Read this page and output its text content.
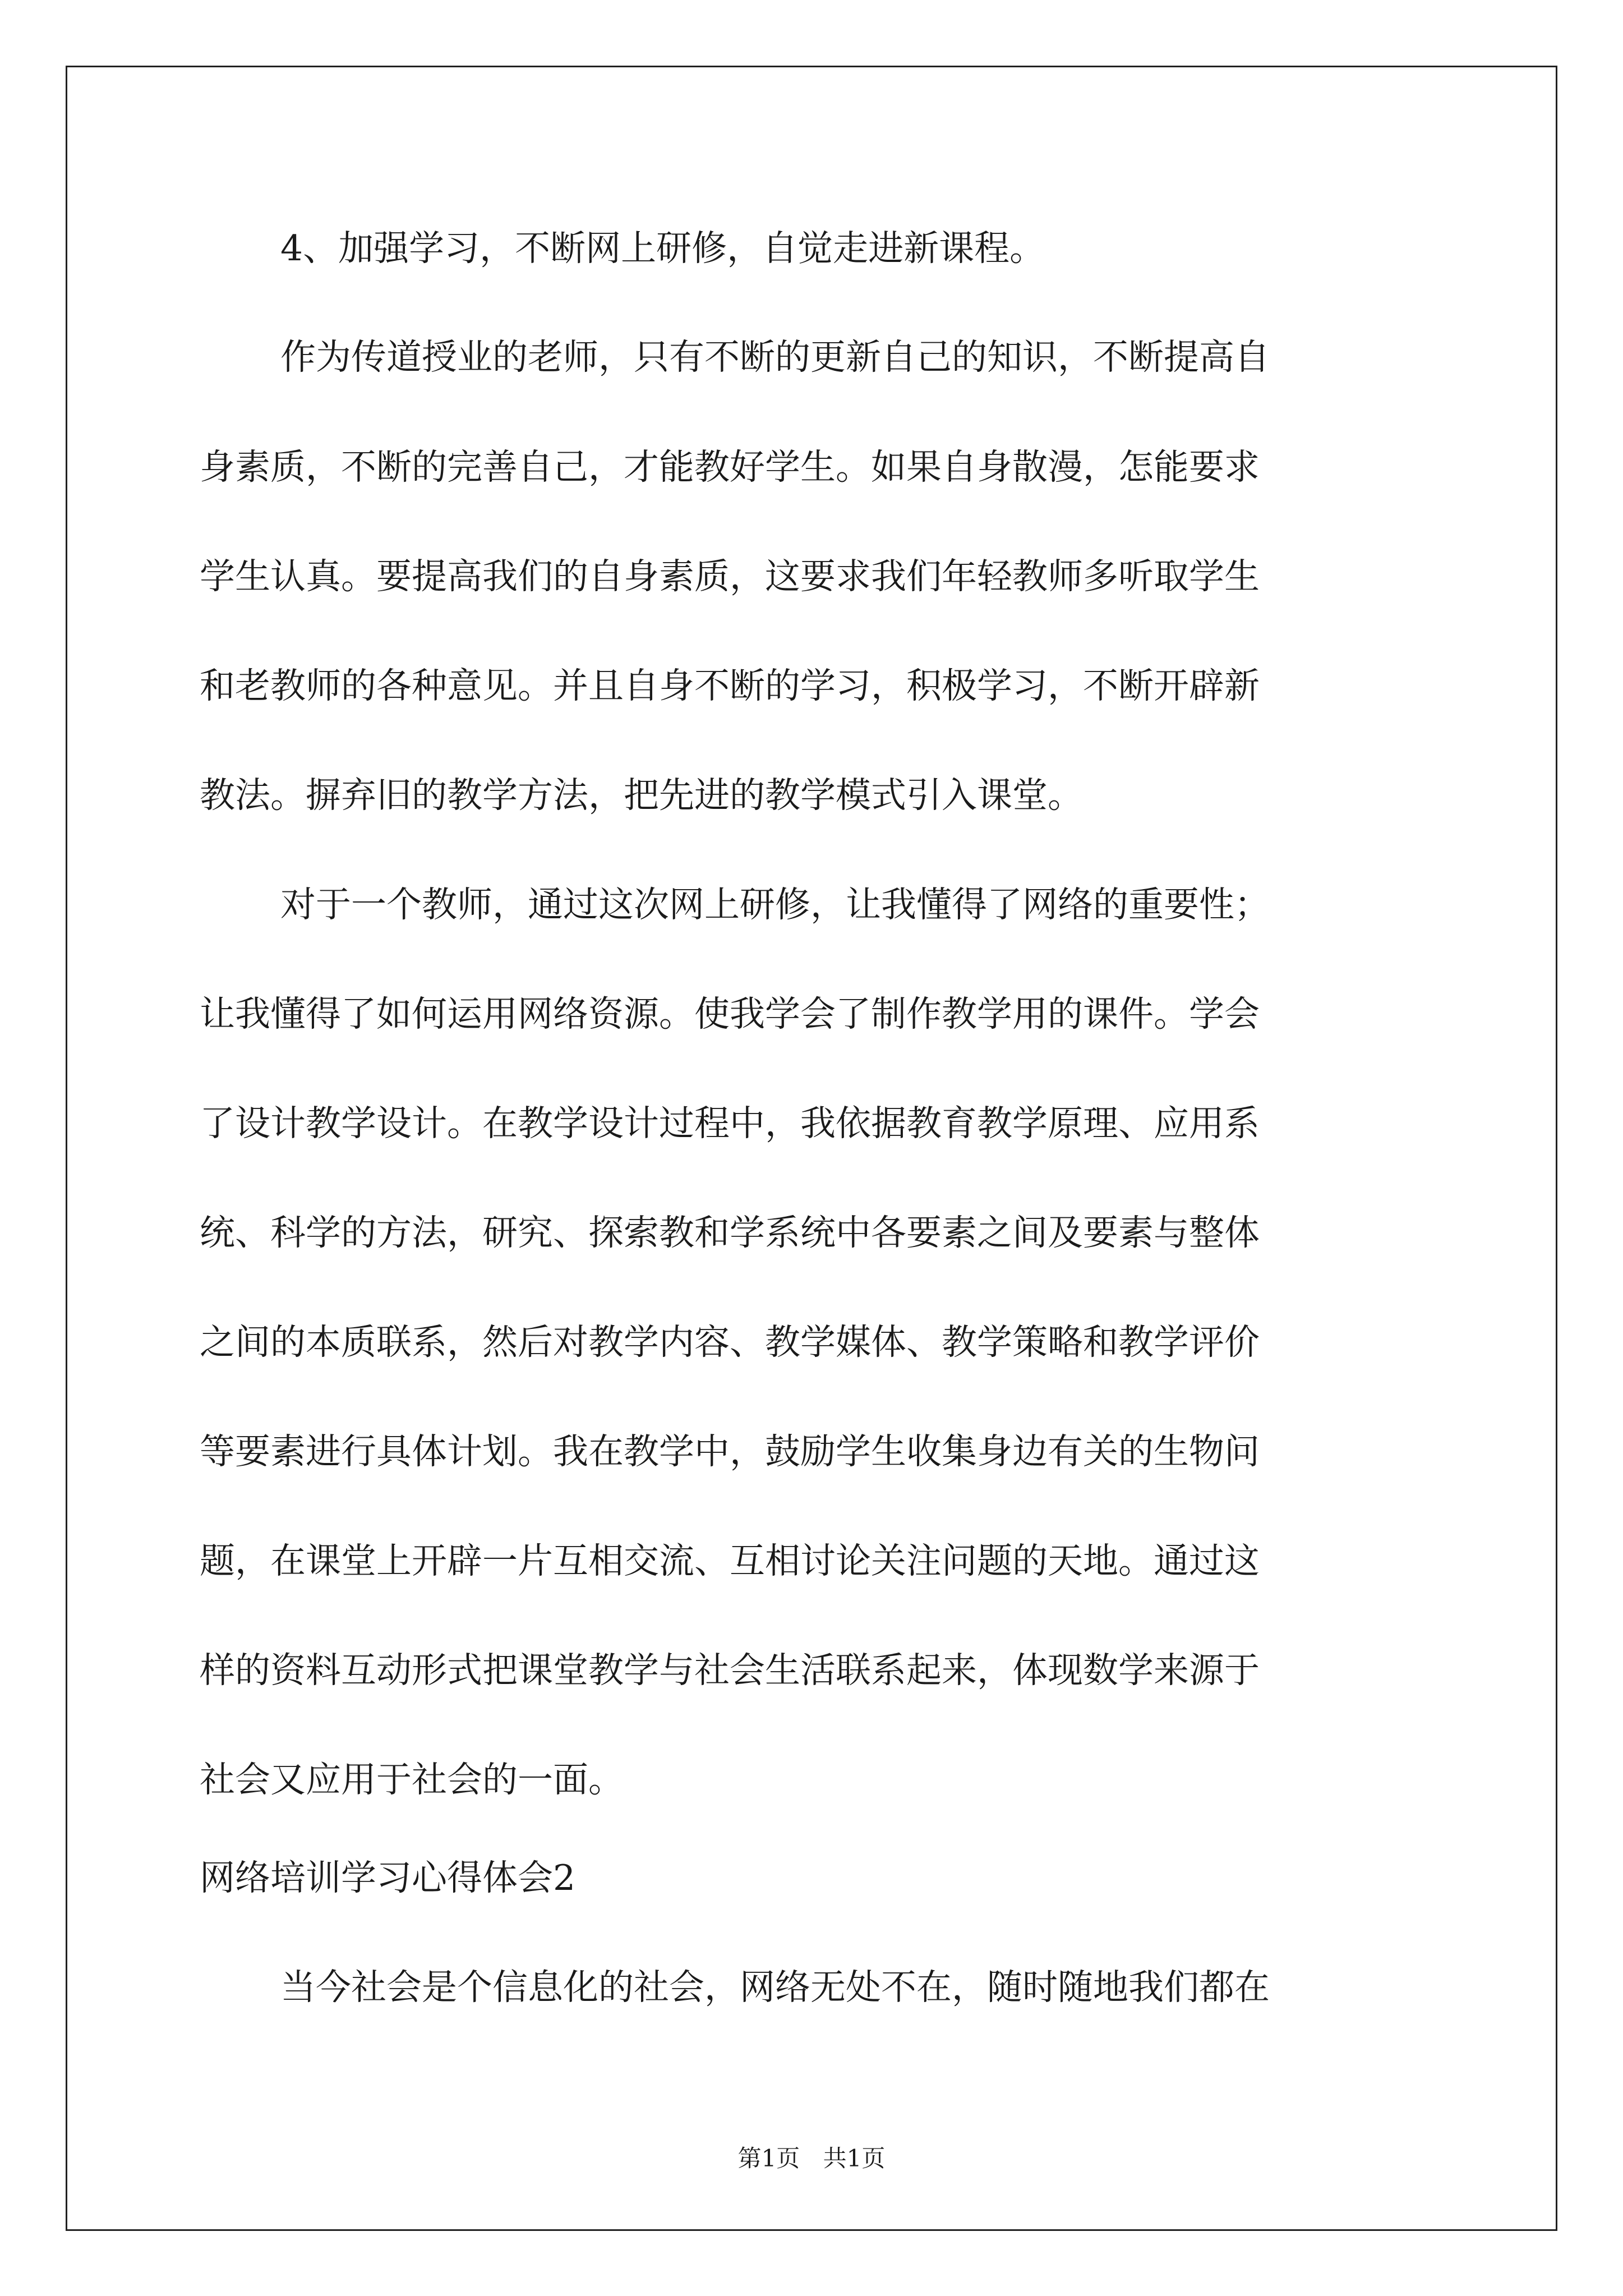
4、加强学习，不断网上研修，自觉走进新课程。
作为传道授业的老师，只有不断的更新自己的知识，不断提高自
身素质，不断的完善自己，才能教好学生。如果自身散漫，怎能要求
学生认真。要提高我们的自身素质，这要求我们年轻教师多听取学生
和老教师的各种意见。并且自身不断的学习，积极学习，不断开辟新
教法。摒弃旧的教学方法，把先进的教学模式引入课堂。
对于一个教师，通过这次网上研修，让我懂得了网络的重要性；
让我懂得了如何运用网络资源。使我学会了制作教学用的课件。学会
了设计教学设计。在教学设计过程中，我依据教育教学原理、应用系
统、科学的方法，研究、探索教和学系统中各要素之间及要素与整体
之间的本质联系，然后对教学内容、教学媒体、教学策略和教学评价
等要素进行具体计划。我在教学中，鼓励学生收集身边有关的生物问
题，在课堂上开辟一片互相交流、互相讨论关注问题的天地。通过这
样的资料互动形式把课堂教学与社会生活联系起来，体现数学来源于
社会又应用于社会的一面。
网络培训学习心得体会2
当今社会是个信息化的社会，网络无处不在，随时随地我们都在
第1页 共1页
